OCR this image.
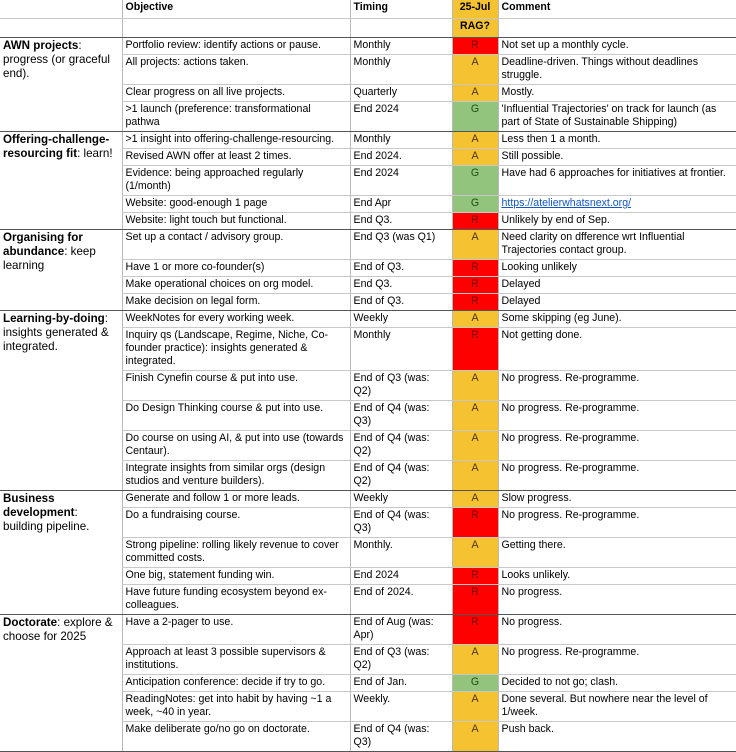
	Objective	Timing	25-Jul	Comment
			RAG?	
AWN projects: progress (or graceful end).	Portfolio review: identify actions or pause.	Monthly	R	Not set up a monthly cycle.
	All projects: actions taken.	Monthly	A	Deadline-driven. Things without deadlines struggle.
	Clear progress on all live projects.	Quarterly	A	Mostly.
	>1 launch (preference: transformational pathwa	End 2024	G	'Influential Trajectories' on track for launch (as part of State of Sustainable Shipping)
Offering-challenge-resourcing fit: learn!	>1 insight into offering-challenge-resourcing.	Monthly	A	Less then 1 a month.
	Revised AWN offer at least 2 times.	End 2024.	A	Still possible.
	Evidence: being approached regularly (1/month)	End 2024	G	Have had 6 approaches for initiatives at frontier.
	Website: good-enough 1 page	End Apr	G	https://atelierwhatsnext.org/
	Website: light touch but functional.	End Q3.	R	Unlikely by end of Sep.
Organising for abundance: keep learning	Set up a contact / advisory group.	End Q3 (was Q1)	A	Need clarity on dfference wrt Influential Trajectories contact group.
	Have 1 or more co-founder(s)	End of Q3.	R	Looking unlikely
	Make operational choices on org model.	End Q3.	R	Delayed
	Make decision on legal form.	End of Q3.	R	Delayed
Learning-by-doing: insights generated & integrated.	WeekNotes for every working week.	Weekly	A	Some skipping (eg June).
	Inquiry qs (Landscape, Regime, Niche, Co-founder practice): insights generated & integrated.	Monthly	R	Not getting done.
	Finish Cynefin course & put into use.	End of Q3 (was: Q2)	A	No progress. Re-programme.
	Do Design Thinking course & put into use.	End of Q4 (was: Q3)	A	No progress. Re-programme.
	Do course on using AI, & put into use (towards Centaur).	End of Q4 (was: Q2)	A	No progress. Re-programme.
	Integrate insights from similar orgs (design studios and venture builders).	End of Q4 (was: Q2)	A	No progress. Re-programme.
Business development: building pipeline.	Generate and follow 1 or more leads.	Weekly	A	Slow progress.
	Do a fundraising course.	End of Q4 (was: Q3)	R	No progress. Re-programme.
	Strong pipeline: rolling likely revenue to cover committed costs.	Monthly.	A	Getting there.
	One big, statement funding win.	End 2024	R	Looks unlikely.
	Have future funding ecosystem beyond ex-colleagues.	End of 2024.	R	No progress.
Doctorate: explore & choose for 2025	Have a 2-pager to use.	End of Aug (was: Apr)	R	No progress.
	Approach at least 3 possible supervisors & institutions.	End of Q3 (was: Q2)	A	No progress. Re-programme.
	Anticipation conference: decide if try to go.	End of Jan.	G	Decided to not go; clash.
	ReadingNotes: get into habit by having ~1 a week, ~40 in year.	Weekly.	A	Done several. But nowhere near the level of 1/week.
	Make deliberate go/no go on doctorate.	End of Q4 (was: Q3)	A	Push back.
